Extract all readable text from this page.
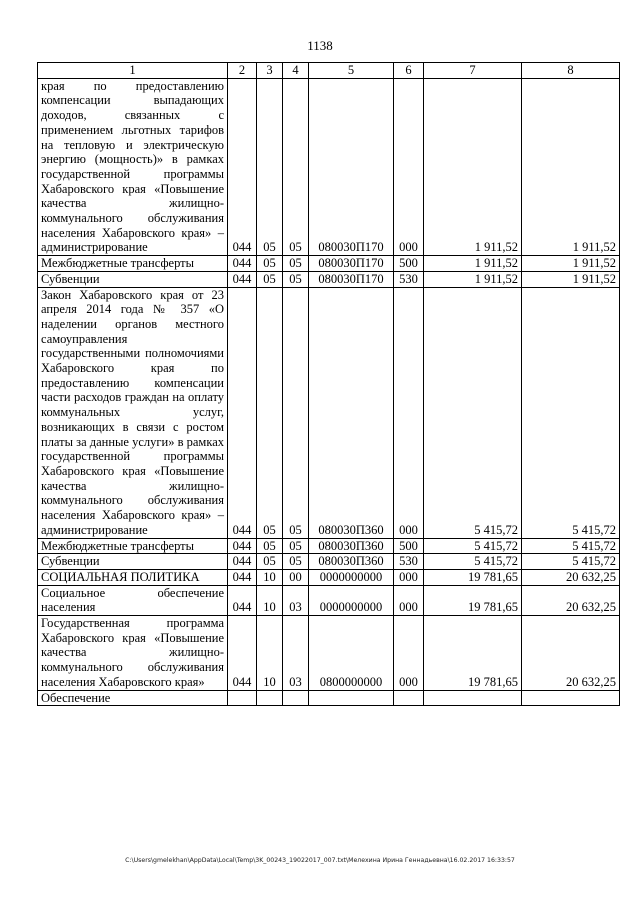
1138
1	2	3	4	5	6	7	8
края по предоставлению компенсации выпадающих доходов, связанных с применением льготных тарифов на тепловую и электрическую энергию (мощность)» в рамках государственной программы Хабаровского края «Повышение качества жилищно-коммунального обслуживания населения Хабаровского края» – администрирование	044	05	05	080030П170	000	1 911,52	1 911,52
Межбюджетные трансферты	044	05	05	080030П170	500	1 911,52	1 911,52
Субвенции	044	05	05	080030П170	530	1 911,52	1 911,52
Закон Хабаровского края от 23 апреля 2014 года № 357 «О наделении органов местного самоуправления государственными полномочиями Хабаровского края по предоставлению компенсации части расходов граждан на оплату коммунальных услуг, возникающих в связи с ростом платы за данные услуги» в рамках государственной программы Хабаровского края «Повышение качества жилищно-коммунального обслуживания населения Хабаровского края» – администрирование	044	05	05	080030П360	000	5 415,72	5 415,72
Межбюджетные трансферты	044	05	05	080030П360	500	5 415,72	5 415,72
Субвенции	044	05	05	080030П360	530	5 415,72	5 415,72
СОЦИАЛЬНАЯ ПОЛИТИКА	044	10	00	0000000000	000	19 781,65	20 632,25
Социальное обеспечение населения	044	10	03	0000000000	000	19 781,65	20 632,25
Государственная программа Хабаровского края «Повышение качества жилищно-коммунального обслуживания населения Хабаровского края»	044	10	03	0800000000	000	19 781,65	20 632,25
Обеспечение							
C:\Users\gmelekhan\AppData\Local\Temp\3K_00243_19022017_007.txt\Мелехина Ирина Геннадьевна\16.02.2017 16:33:57
